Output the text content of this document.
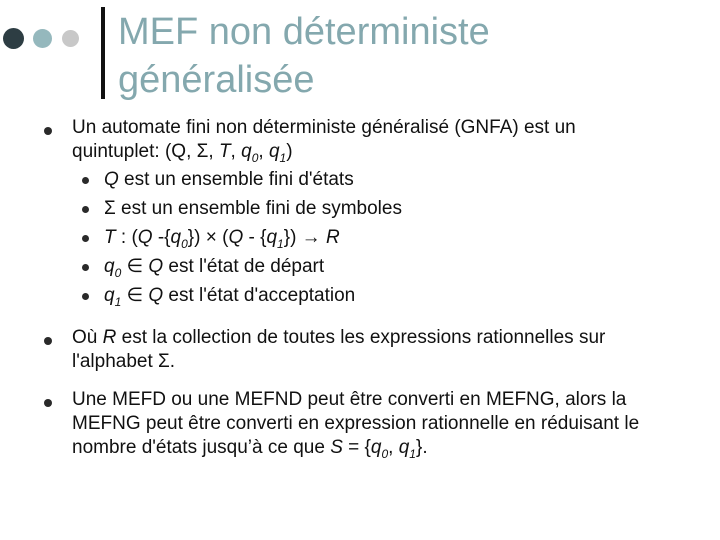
MEF non déterministe
généralisée
Un automate fini non déterministe généralisé (GNFA) est un
quintuplet: (Q, Σ, T, $q_0$, $q_1$)
Q est un ensemble fini d'états
Σ est un ensemble fini de symboles
T : (Q $-\{q_0\}) \times (Q - \{q_1\}) \to R$
$q_0$ ∈ Q est l'état de départ
$q_1$ ∈ Q est l'état d'acceptation
Où R est la collection de toutes les expressions rationnelles sur
l'alphabet Σ.
Une MEFD ou une MEFND peut être converti en MEFNG, alors la
MEFNG peut être converti en expression rationnelle en réduisant le
nombre d'états jusqu’à ce que $S = \{q_0$, $q_1$}.
